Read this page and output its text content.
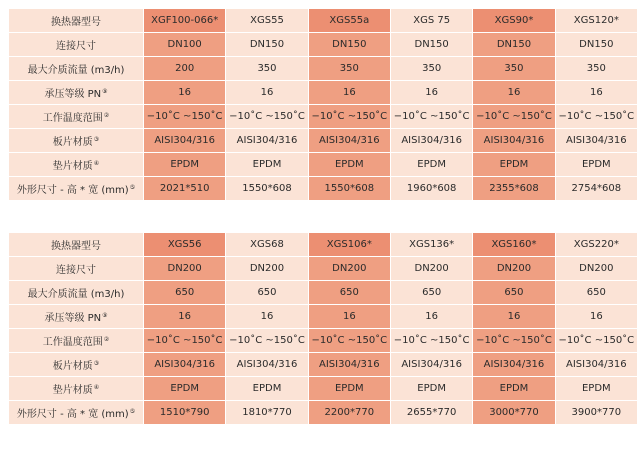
换热器型号	XGF100-066*	XGS55	XGS55a	XGS 75	XGS90*	XGS120*
连接尺寸	DN100	DN150	DN150	DN150	DN150	DN150
最大介质流量 (m3/h)	200	350	350	350	350	350
承压等级 PN⑨	16	16	16	16	16	16
工作温度范围②	−10˚C ~150˚C	−10˚C ~150˚C	−10˚C ~150˚C	−10˚C ~150˚C	−10˚C ~150˚C	−10˚C ~150˚C
板片材质③	AISI304/316	AISI304/316	AISI304/316	AISI304/316	AISI304/316	AISI304/316
垫片材质④	EPDM	EPDM	EPDM	EPDM	EPDM	EPDM
外形尺寸 - 高 * 宽 (mm)⑤	2021*510	1550*608	1550*608	1960*608	2355*608	2754*608
换热器型号	XGS56	XGS68	XGS106*	XGS136*	XGS160*	XGS220*
连接尺寸	DN200	DN200	DN200	DN200	DN200	DN200
最大介质流量 (m3/h)	650	650	650	650	650	650
承压等级 PN⑨	16	16	16	16	16	16
工作温度范围②	−10˚C ~150˚C	−10˚C ~150˚C	−10˚C ~150˚C	−10˚C ~150˚C	−10˚C ~150˚C	−10˚C ~150˚C
板片材质③	AISI304/316	AISI304/316	AISI304/316	AISI304/316	AISI304/316	AISI304/316
垫片材质④	EPDM	EPDM	EPDM	EPDM	EPDM	EPDM
外形尺寸 - 高 * 宽 (mm)⑤	1510*790	1810*770	2200*770	2655*770	3000*770	3900*770
